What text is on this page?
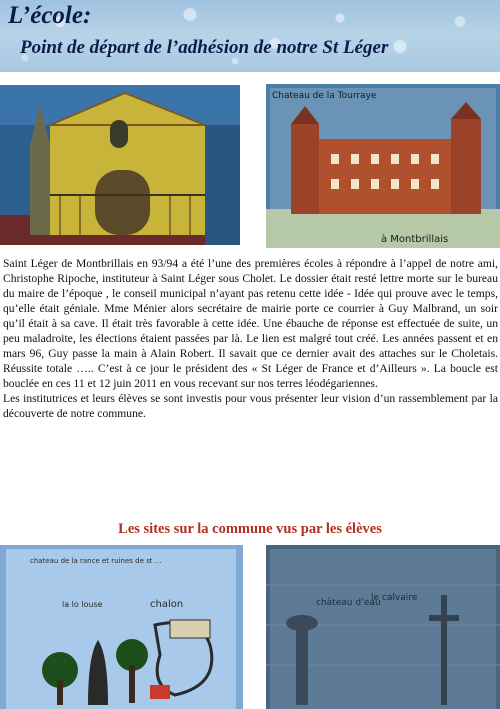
L’école:
Point de départ de l’adhésion de notre St Léger
Chateau de la Tourraye
à Montbrillais

Saint Léger de Montbrillais en 93/94 a été l’une des premières écoles à répondre à l’appel de notre ami, Christophe Ripoche, instituteur à Saint Léger sous Cholet. Le dossier était resté lettre morte sur le bureau du maire de l’époque , le conseil municipal n’ayant pas retenu cette idée - Idée qui prouve avec le temps, qu’elle était géniale. Mme Ménier alors secrétaire de mairie porte ce courrier à Guy Malbrand, un soir qu’il était à sa cave. Il était très favorable à cette idée. Une ébauche de réponse est effectuée de suite, un peu maladroite, les élections étaient passées par là. Le lien est malgré tout créé. Les années passent et en mars 96, Guy passe la main à Alain Robert. Il savait que ce dernier avait des attaches sur le Choletais. Réussite totale ….. C’est à ce jour le président des « St Léger de France et d’Ailleurs ». La boucle est bouclée en ces 11 et 12 juin 2011 en vous recevant sur nos terres léodégariennes.

Les institutrices et leurs élèves se sont investis pour vous présenter leur vision d’un rassemblement par la découverte de notre commune.

Les sites sur la commune vus par les élèves
chateau de la rance et ruines de st ...
la lo louse	chalon	château d’eau
le calvaire
